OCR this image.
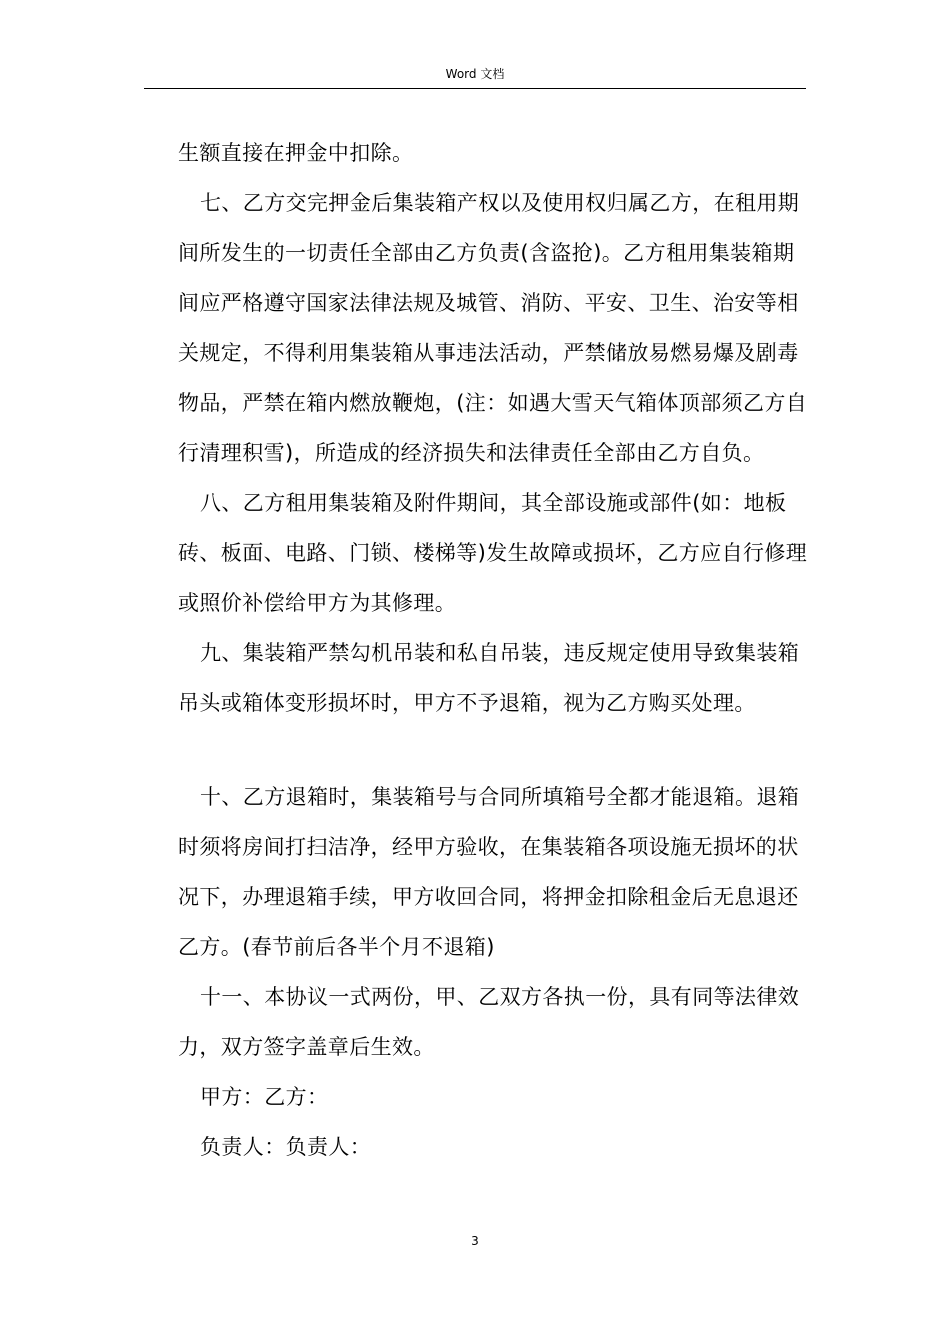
Word 文档

生额直接在押金中扣除。

七、乙方交完押金后集装箱产权以及使用权归属乙方，在租用期间所发生的一切责任全部由乙方负责(含盗抢)。乙方租用集装箱期间应严格遵守国家法律法规及城管、消防、平安、卫生、治安等相关规定，不得利用集装箱从事违法活动，严禁储放易燃易爆及剧毒物品，严禁在箱内燃放鞭炮，(注：如遇大雪天气箱体顶部须乙方自行清理积雪)，所造成的经济损失和法律责任全部由乙方自负。

八、乙方租用集装箱及附件期间，其全部设施或部件(如：地板砖、板面、电路、门锁、楼梯等)发生故障或损坏，乙方应自行修理或照价补偿给甲方为其修理。

九、集装箱严禁勾机吊装和私自吊装，违反规定使用导致集装箱吊头或箱体变形损坏时，甲方不予退箱，视为乙方购买处理。

十、乙方退箱时，集装箱号与合同所填箱号全都才能退箱。退箱时须将房间打扫洁净，经甲方验收，在集装箱各项设施无损坏的状况下，办理退箱手续，甲方收回合同，将押金扣除租金后无息退还乙方。(春节前后各半个月不退箱)

十一、本协议一式两份，甲、乙双方各执一份，具有同等法律效力，双方签字盖章后生效。

甲方：乙方：

负责人：负责人：

3
